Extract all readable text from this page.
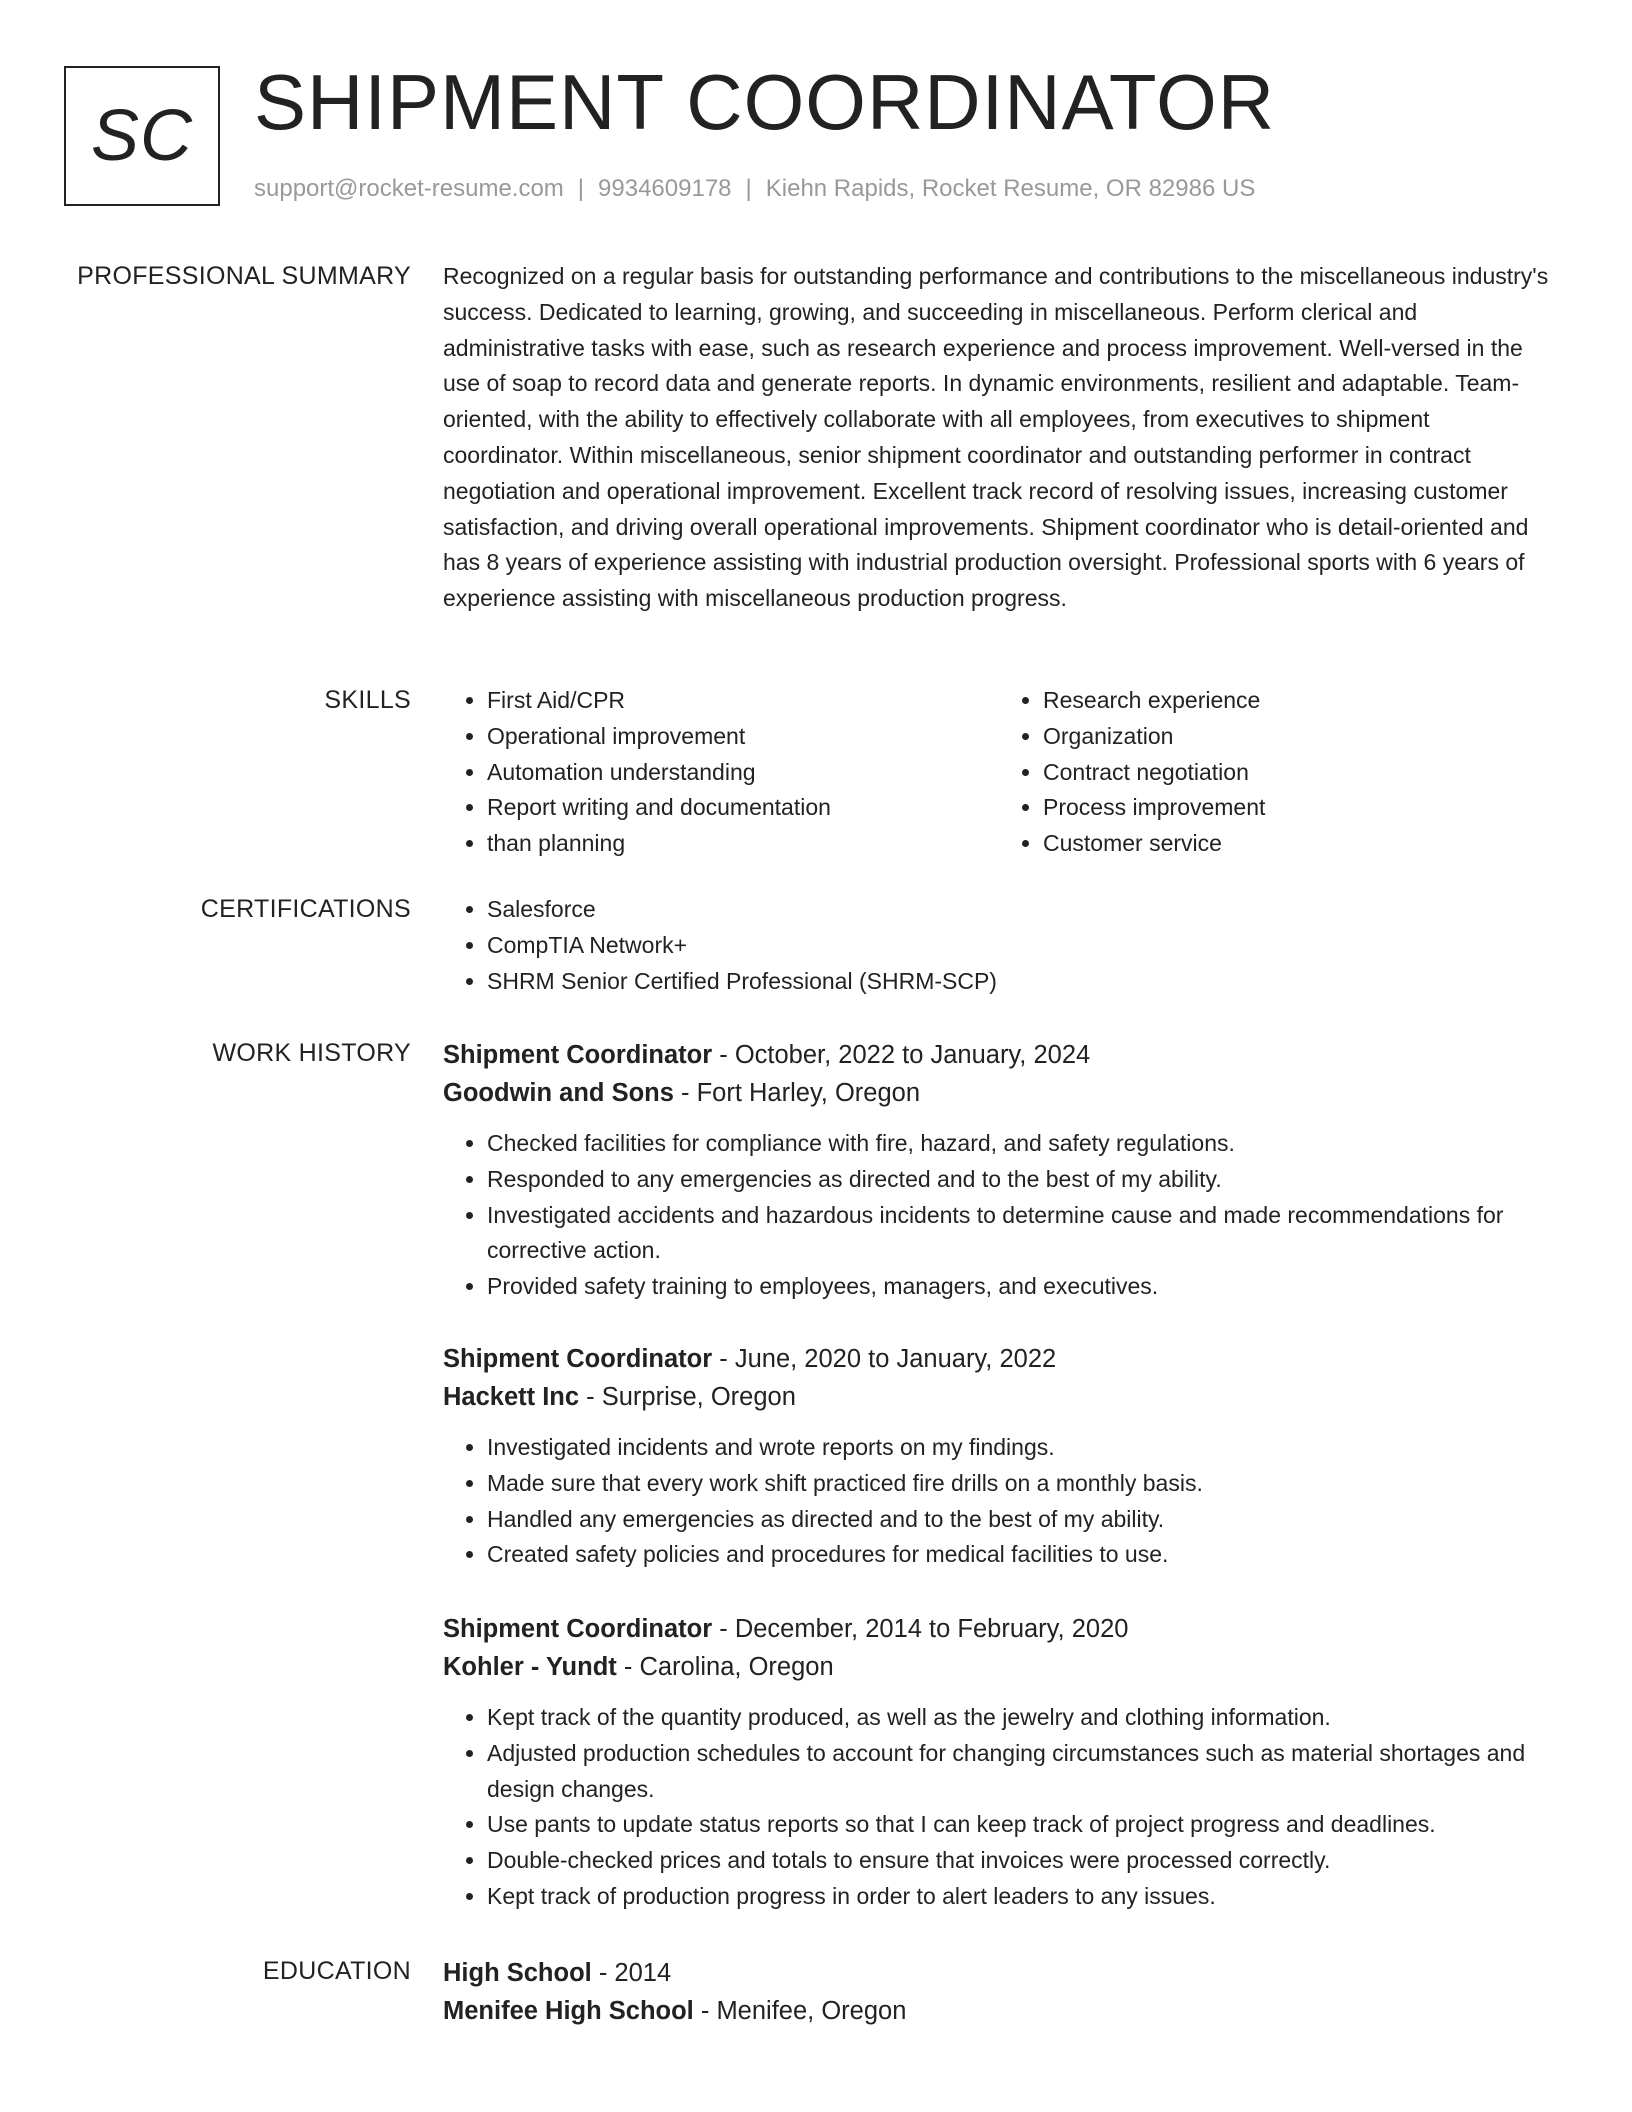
SC SHIPMENT COORDINATOR
support@rocket-resume.com | 9934609178 | Kiehn Rapids, Rocket Resume, OR 82986 US
PROFESSIONAL SUMMARY Recognized on a regular basis for outstanding performance and contributions to the miscellaneous industry's success. Dedicated to learning, growing, and succeeding in miscellaneous. Perform clerical and administrative tasks with ease, such as research experience and process improvement. Well-versed in the use of soap to record data and generate reports. In dynamic environments, resilient and adaptable. Team-oriented, with the ability to effectively collaborate with all employees, from executives to shipment coordinator. Within miscellaneous, senior shipment coordinator and outstanding performer in contract negotiation and operational improvement. Excellent track record of resolving issues, increasing customer satisfaction, and driving overall operational improvements. Shipment coordinator who is detail-oriented and has 8 years of experience assisting with industrial production oversight. Professional sports with 6 years of experience assisting with miscellaneous production progress.

SKILLS	• First Aid/CPR
• Operational improvement
• Automation understanding
• Report writing and documentation
• than planning
• Research experience
• Organization
• Contract negotiation
• Process improvement
• Customer service
CERTIFICATIONS	• Salesforce
• CompTIA Network+
• SHRM Senior Certified Professional (SHRM-SCP)
WORK HISTORY Shipment Coordinator - October, 2022 to January, 2024
Goodwin and Sons - Fort Harley, Oregon
• Checked facilities for compliance with fire, hazard, and safety regulations.
• Responded to any emergencies as directed and to the best of my ability.
• Investigated accidents and hazardous incidents to determine cause and made recommendations for corrective action.
• Provided safety training to employees, managers, and executives.
Shipment Coordinator - June, 2020 to January, 2022
Hackett Inc - Surprise, Oregon
• Investigated incidents and wrote reports on my findings.
• Made sure that every work shift practiced fire drills on a monthly basis.
• Handled any emergencies as directed and to the best of my ability.
• Created safety policies and procedures for medical facilities to use.
Shipment Coordinator - December, 2014 to February, 2020
Kohler - Yundt - Carolina, Oregon
• Kept track of the quantity produced, as well as the jewelry and clothing information.
• Adjusted production schedules to account for changing circumstances such as material shortages and design changes.
• Use pants to update status reports so that I can keep track of project progress and deadlines.
• Double-checked prices and totals to ensure that invoices were processed correctly.
• Kept track of production progress in order to alert leaders to any issues.
EDUCATION High School - 2014
Menifee High School - Menifee, Oregon
